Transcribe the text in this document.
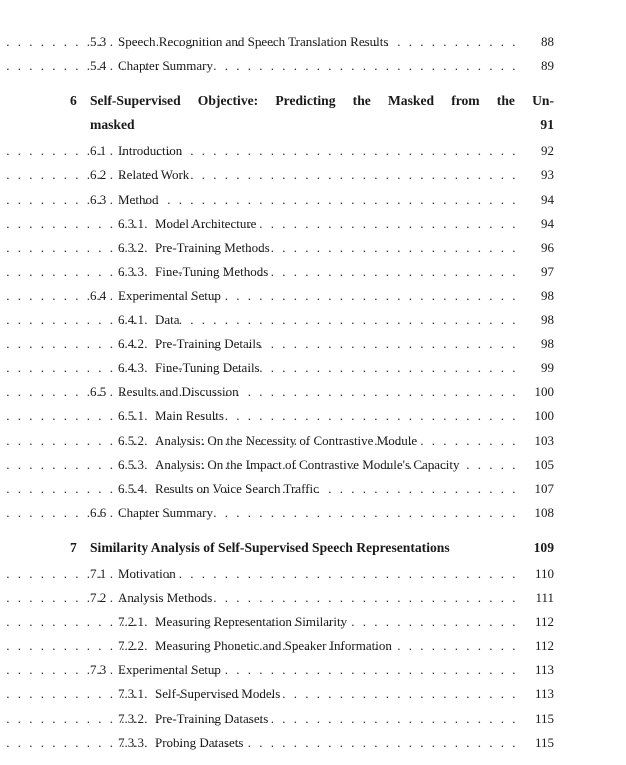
5.3 Speech Recognition and Speech Translation Results . . .	88
5.4 Chapter Summary . . .	89
6 Self-Supervised Objective: Predicting the Masked from the Un-
masked	91
6.1 Introduction . . .	92
6.2 Related Work . . .	93
6.3 Method . . .	94
6.3.1 Model Architecture . . .	94
6.3.2 Pre-Training Methods . . .	96
6.3.3 Fine-Tuning Methods . . .	97
6.4 Experimental Setup . . .	98
6.4.1 Data . . .	98
6.4.2 Pre-Training Details . . .	98
6.4.3 Fine-Tuning Details . . .	99
6.5 Results and Discussion . . .	100
6.5.1 Main Results . . .	100
6.5.2 Analysis: On the Necessity of Contrastive Module . . .	103
6.5.3 Analysis: On the Impact of Contrastive Module's Capacity . . .	105
6.5.4 Results on Voice Search Traffic . . .	107
6.6 Chapter Summary . . .	108
7 Similarity Analysis of Self-Supervised Speech Representations	109
7.1 Motivation . . .	110
7.2 Analysis Methods . . .	111
7.2.1 Measuring Representation Similarity . . .	112
7.2.2 Measuring Phonetic and Speaker Information . . .	112
7.3 Experimental Setup . . .	113
7.3.1 Self-Supervised Models . . .	113
7.3.2 Pre-Training Datasets . . .	115
7.3.3 Probing Datasets . . .	115
